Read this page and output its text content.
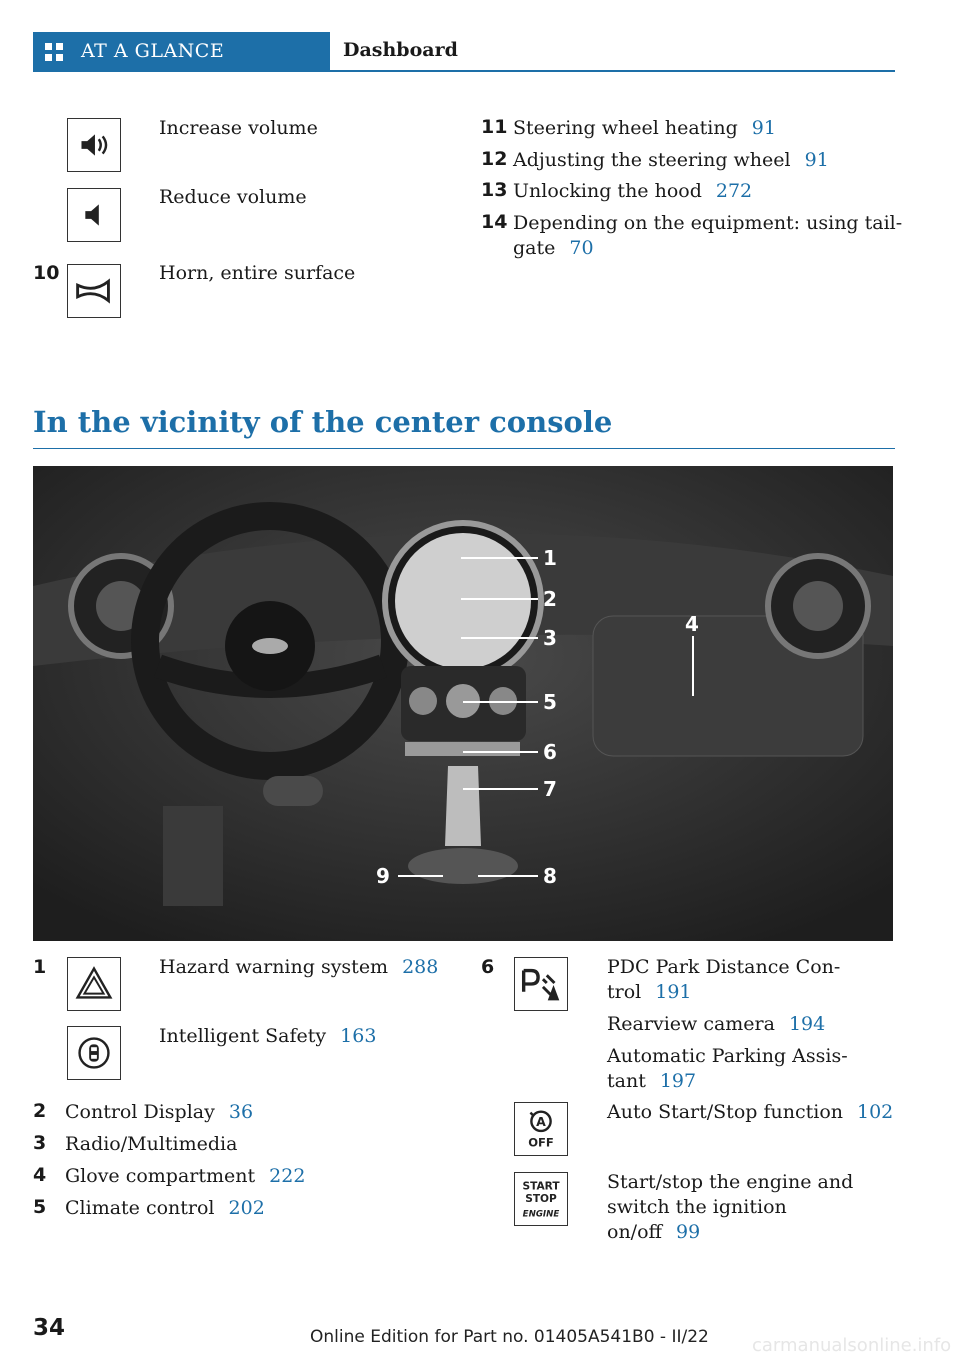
AT A GLANCE	Dashboard
Increase volume
Reduce volume
10	Horn, entire surface
11 Steering wheel heating 91
12 Adjusting the steering wheel 91
13 Unlocking the hood 272
14 Depending on the equipment: using tail-
gate 70
In the vicinity of the center console
1
2
3
4
5
6
7
8
9
1	Hazard warning system 288
Intelligent Safety 163
2 Control Display 36
3 Radio/Multimedia
4 Glove compartment 222
5 Climate control 202
6	PDC Park Distance Con-
trol 191
Rearview camera 194
Automatic Parking Assis-
tant 197
A
OFF
Auto Start/Stop function 102
START
STOP
ENGINE
Start/stop the engine and
switch the ignition
on/off 99
34	Online Edition for Part no. 01405A541B0 - II/22 carmanualsonline.info
